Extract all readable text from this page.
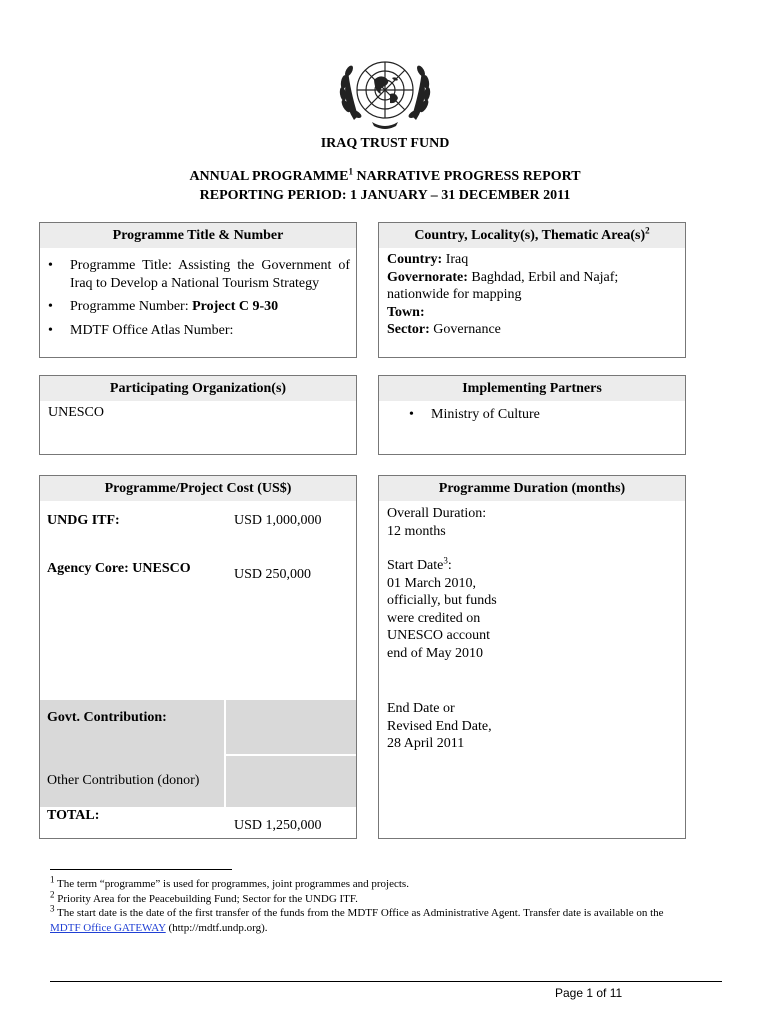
IRAQ TRUST FUND
ANNUAL PROGRAMME$^1$ NARRATIVE PROGRESS REPORT
REPORTING PERIOD: 1 JANUARY – 31 DECEMBER 2011
Programme Title & Number
• Programme Title: Assisting the Government of Iraq to Develop a National Tourism Strategy
• Programme Number: Project C 9-30
• MDTF Office Atlas Number:
Country, Locality(s), Thematic $Area(s)^2$
Country: Iraq
Governorate: Baghdad, Erbil and Najaf; nationwide for mapping
Town:
Sector: Governance
Participating Organization(s)
UNESCO
Implementing Partners
• Ministry of Culture
Programme/Project Cost (US$)
UNDG ITF:	USD 1,000,000
Agency Core: UNESCO	USD 250,000
Govt. Contribution:
Other Contribution (donor)
TOTAL:
USD 1,250,000
Programme Duration (months)
Overall Duration:
12 months
Start Date$^3$:
01 March 2010, officially, but funds were credited on UNESCO account end of May 2010
End Date or
Revised End Date,
28 April 2011
$^1$ The term “programme” is used for programmes, joint programmes and projects.
$^2$ Priority Area for the Peacebuilding Fund; Sector for the UNDG ITF.
$^3$ The start date is the date of the first transfer of the funds from the MDTF Office as Administrative Agent. Transfer date is available on the MDTF Office GATEWAY (http://mdtf.undp.org).
Page 1 of 11
